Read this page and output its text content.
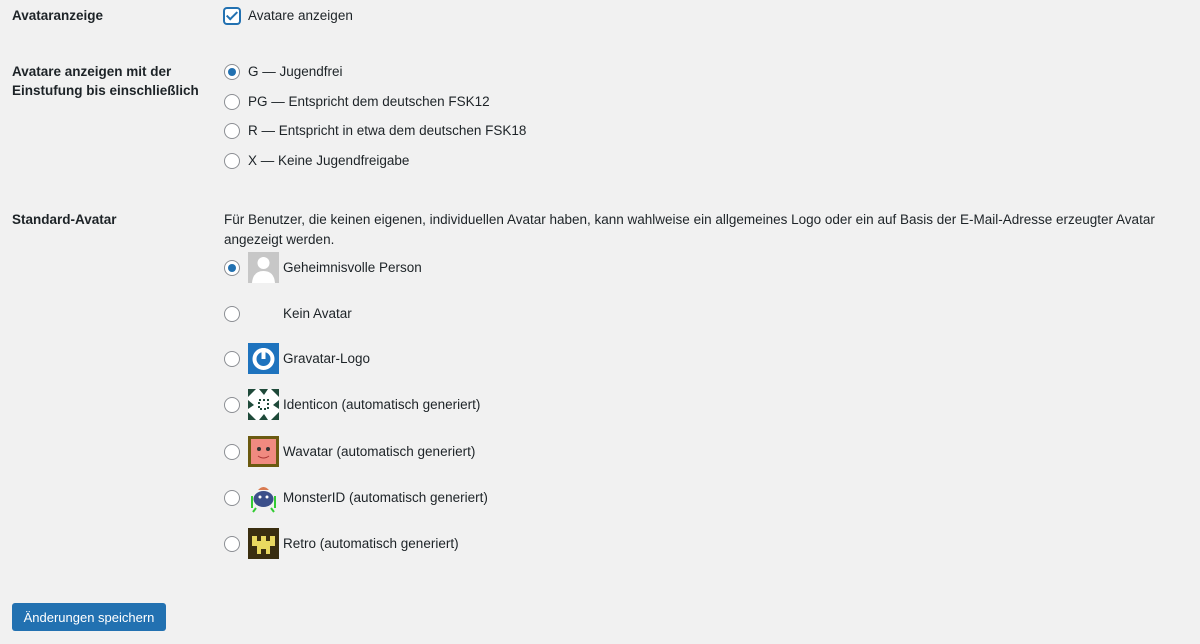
Avataranzeige	Avatare anzeigen
Avatare anzeigen mit der
Einstufung bis einschließlich
G — Jugendfrei
PG — Entspricht dem deutschen FSK12
R — Entspricht in etwa dem deutschen FSK18
X — Keine Jugendfreigabe
Standard-Avatar	Für Benutzer, die keinen eigenen, individuellen Avatar haben, kann wahlweise ein allgemeines Logo oder ein auf Basis der E-Mail-Adresse erzeugter Avatar angezeigt werden.
Geheimnisvolle Person
Kein Avatar
Gravatar-Logo
Identicon (automatisch generiert)
Wavatar (automatisch generiert)
MonsterID (automatisch generiert)
Retro (automatisch generiert)
Änderungen speichern
